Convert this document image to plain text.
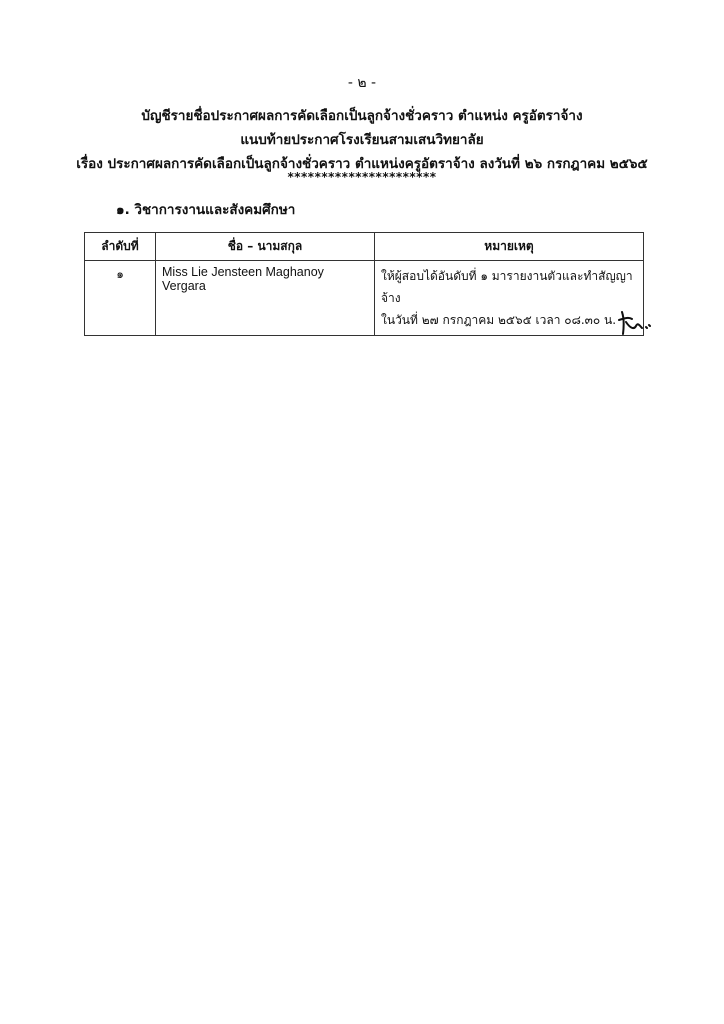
- ๒ -
บัญชีรายชื่อประกาศผลการคัดเลือกเป็นลูกจ้างชั่วคราว ตำแหน่ง ครูอัตราจ้าง
แนบท้ายประกาศโรงเรียนสามเสนวิทยาลัย
เรื่อง ประกาศผลการคัดเลือกเป็นลูกจ้างชั่วคราว ตำแหน่งครูอัตราจ้าง ลงวันที่ ๒๖ กรกฎาคม ๒๕๖๕
**********************
๑. วิชาการงานและสังคมศึกษา
ลำดับที่	ชื่อ – นามสกุล	หมายเหตุ
๑	Miss Lie Jensteen Maghanoy Vergara	ให้ผู้สอบได้อันดับที่ ๑ มารายงานตัวและทำสัญญาจ้าง
ในวันที่ ๒๗ กรกฎาคม ๒๕๖๕ เวลา ๐๘.๓๐ น.
